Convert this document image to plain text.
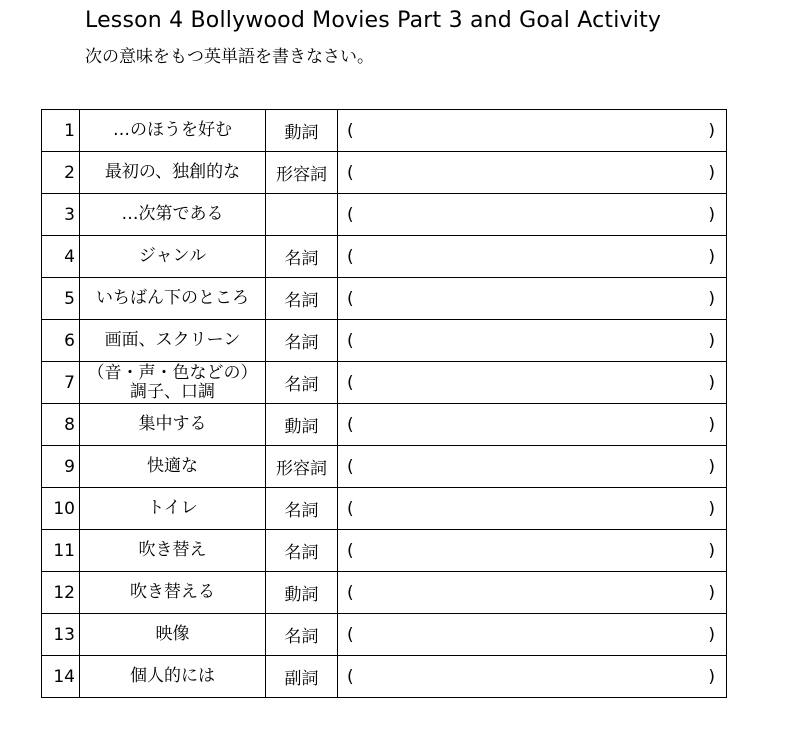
Lesson 4 Bollywood Movies Part 3 and Goal Activity
次の意味をもつ英単語を書きなさい。
1	…のほうを好む	動詞	( )

2	最初の、独創的な	形容詞	( )

3	…次第である		( )

4	ジャンル	名詞	( )

5	いちばん下のところ	名詞	( )

6	画面、スクリーン	名詞	( )

7	（音・声・色などの）調子、口調	名詞	( )

8	集中する	動詞	( )

9	快適な	形容詞	( )

10	トイレ	名詞	( )

11	吹き替え	名詞	( )

12	吹き替える	動詞	( )

13	映像	名詞	( )

14	個人的には	副詞	( )
